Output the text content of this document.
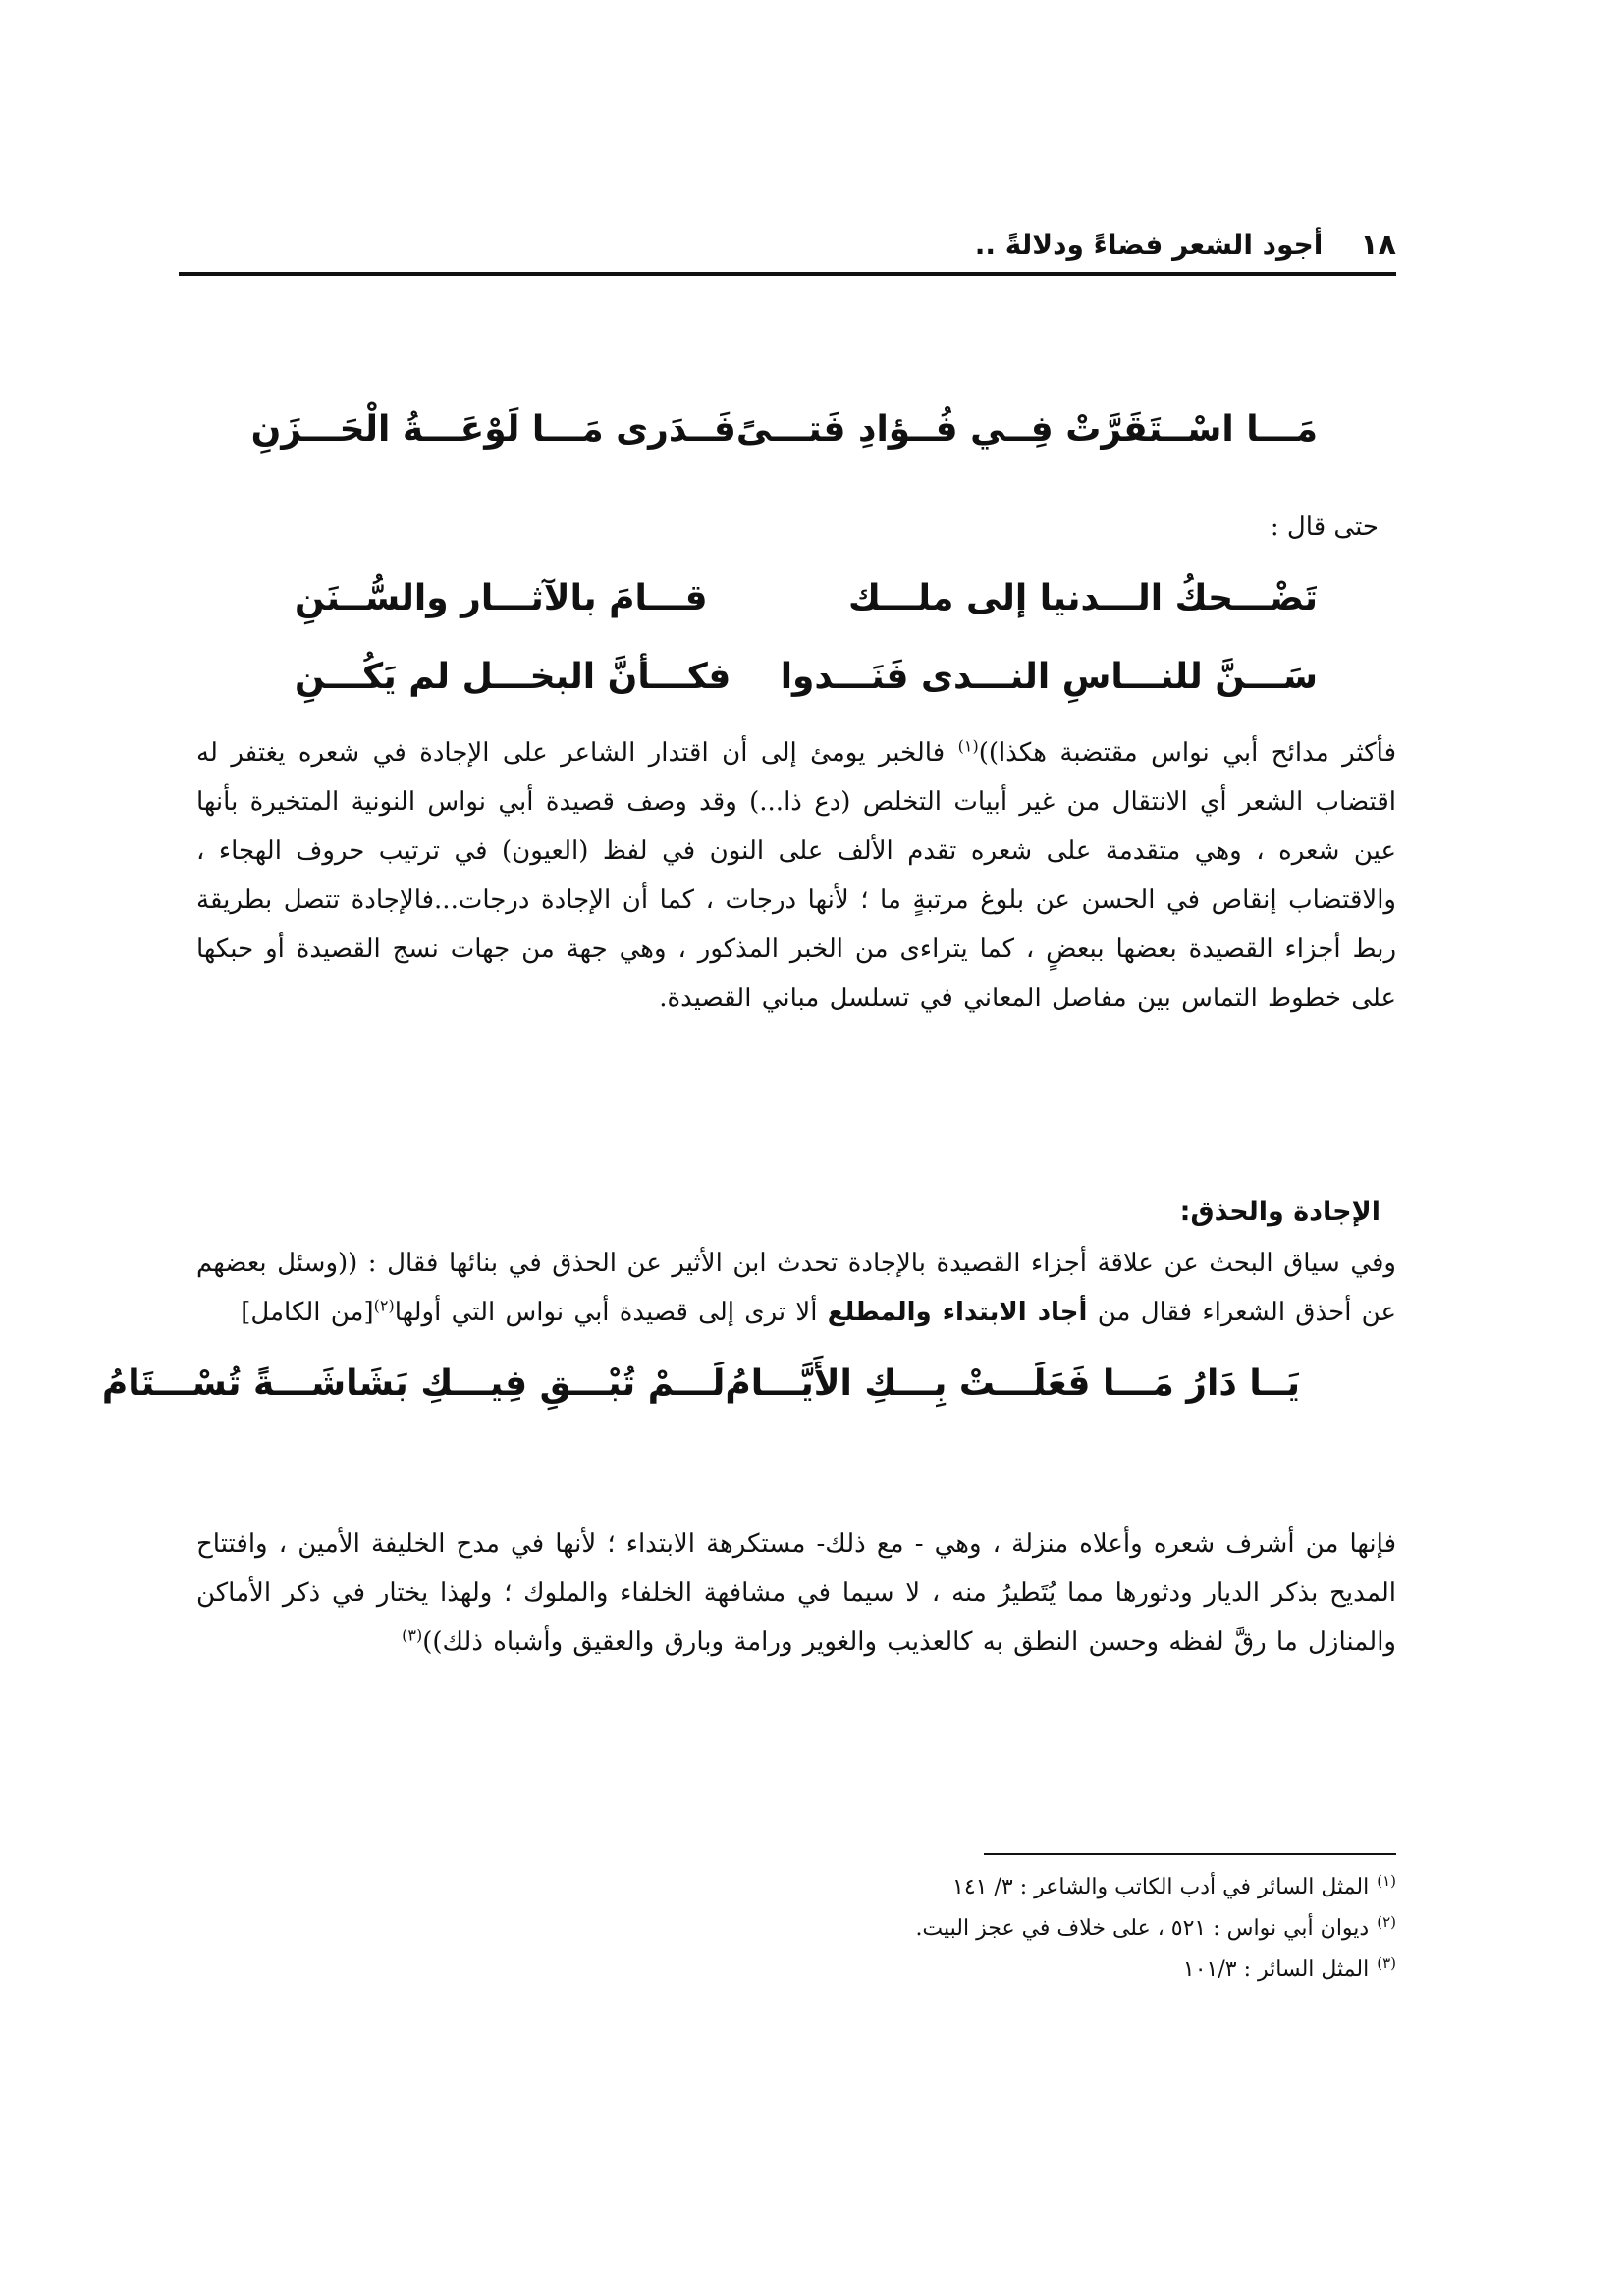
١٨
أجود الشعر فضاءً ودلالةً ..
مَـــا اسْــتَقَرَّتْ فِــي فُــؤادِ فَتـــىً
فَــدَرى مَـــا لَوْعَـــةُ الْحَـــزَنِ
حتى قال :
تَضْـــحكُ الـــدنيا إلى ملـــك
قـــامَ بالآثـــار والسُّــنَنِ
سَـــنَّ للنـــاسِ النـــدى فَنَـــدوا
فكـــأنَّ البخـــل لم يَكُـــنِ
فأكثر مدائح أبي نواس مقتضبة هكذا))$^{(١)}$ فالخبر يومئ إلى أن اقتدار الشاعر على الإجادة في شعره يغتفر له اقتضاب الشعر أي الانتقال من غير أبيات التخلص (دع ذا...) وقد وصف قصيدة أبي نواس النونية المتخيرة بأنها عين شعره ، وهي متقدمة على شعره تقدم الألف على النون في لفظ (العيون) في ترتيب حروف الهجاء ، والاقتضاب إنقاص في الحسن عن بلوغ مرتبةٍ ما ؛ لأنها درجات ، كما أن الإجادة درجات...فالإجادة تتصل بطريقة ربط أجزاء القصيدة بعضها ببعضٍ ، كما يتراءى من الخبر المذكور ، وهي جهة من جهات نسج القصيدة أو حبكها على خطوط التماس بين مفاصل المعاني في تسلسل مباني القصيدة.
الإجادة والحذق:
وفي سياق البحث عن علاقة أجزاء القصيدة بالإجادة تحدث ابن الأثير عن الحذق في بنائها فقال : ((وسئل بعضهم عن أحذق الشعراء فقال من أجاد الابتداء والمطلع ألا ترى إلى قصيدة أبي نواس التي أولها$^{(٢)}$[من الكامل]
يَــا دَارُ مَـــا فَعَلَـــتْ بِـــكِ الأَيَّـــامُ
لَـــمْ تُبْـــقِ فِيـــكِ بَشَاشَـــةً تُسْـــتَامُ
فإنها من أشرف شعره وأعلاه منزلة ، وهي - مع ذلك- مستكرهة الابتداء ؛ لأنها في مدح الخليفة الأمين ، وافتتاح المديح بذكر الديار ودثورها مما يُتَطيرُ منه ، لا سيما في مشافهة الخلفاء والملوك ؛ ولهذا يختار في ذكر الأماكن والمنازل ما رقَّ لفظه وحسن النطق به كالعذيب والغوير ورامة وبارق والعقيق وأشباه ذلك))$^{(٣)}$
$^{(١)}$المثل السائر في أدب الكاتب والشاعر : ٣/ ١٤١
$^{(٢)}$ديوان أبي نواس : ٥٢١ ، على خلاف في عجز البيت.
$^{(٣)}$المثل السائر : ١٠١/٣
